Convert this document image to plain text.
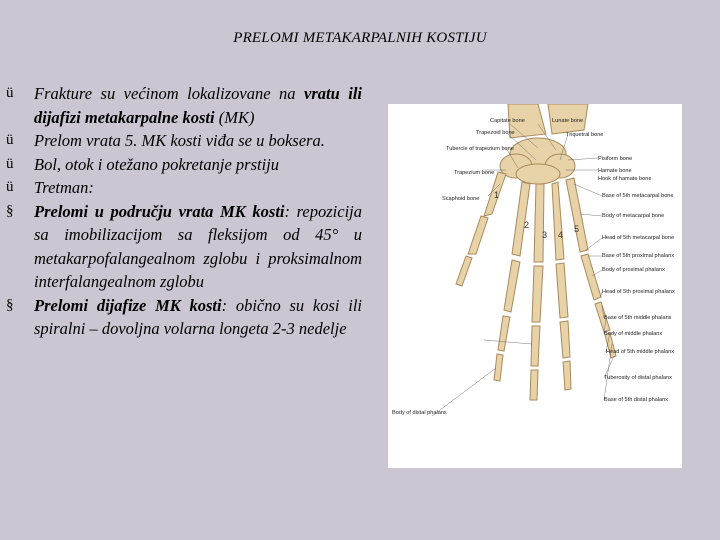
PRELOMI METAKARPALNIH KOSTIJU
ü	Frakture su većinom lokalizovane na vratu ili dijafizi metakarpalne kosti (MK)
ü	Prelom vrata 5. MK kosti viđa se u boksera.
ü	Bol, otok i otežano pokretanje prstiju
ü	Tretman:
§	Prelomi u području vrata MK kosti: repozicija sa imobilizacijom sa fleksijom od 45° u metakarpofalangealnom zglobu i proksimalnom interfalangealnom zglobu
§	Prelomi dijafize MK kosti: obično su kosi ili spiralni – dovoljna volarna longeta 2-3 nedelje
Capitate bone	Lunate bone
Trapezoid bone	Triquetral bone
Tubercle of trapezium bone
Pisiform bone
Hamate bone
Hook of hamate bone
Trapezium bone
Base of 5th metacarpal bone
Scaphoid bone
Body of metacarpal bone
Head of 5th metacarpal bone
Base of 5th proximal phalanx
Body of proximal phalanx
Head of 5th proximal phalanx
Base of 5th middle phalanx
Body of middle phalanx
Head of 5th middle phalanx
Tuberosity of distal phalanx
Base of 5th distal phalanx
Body of distal phalanx
1
2
3 4
5
